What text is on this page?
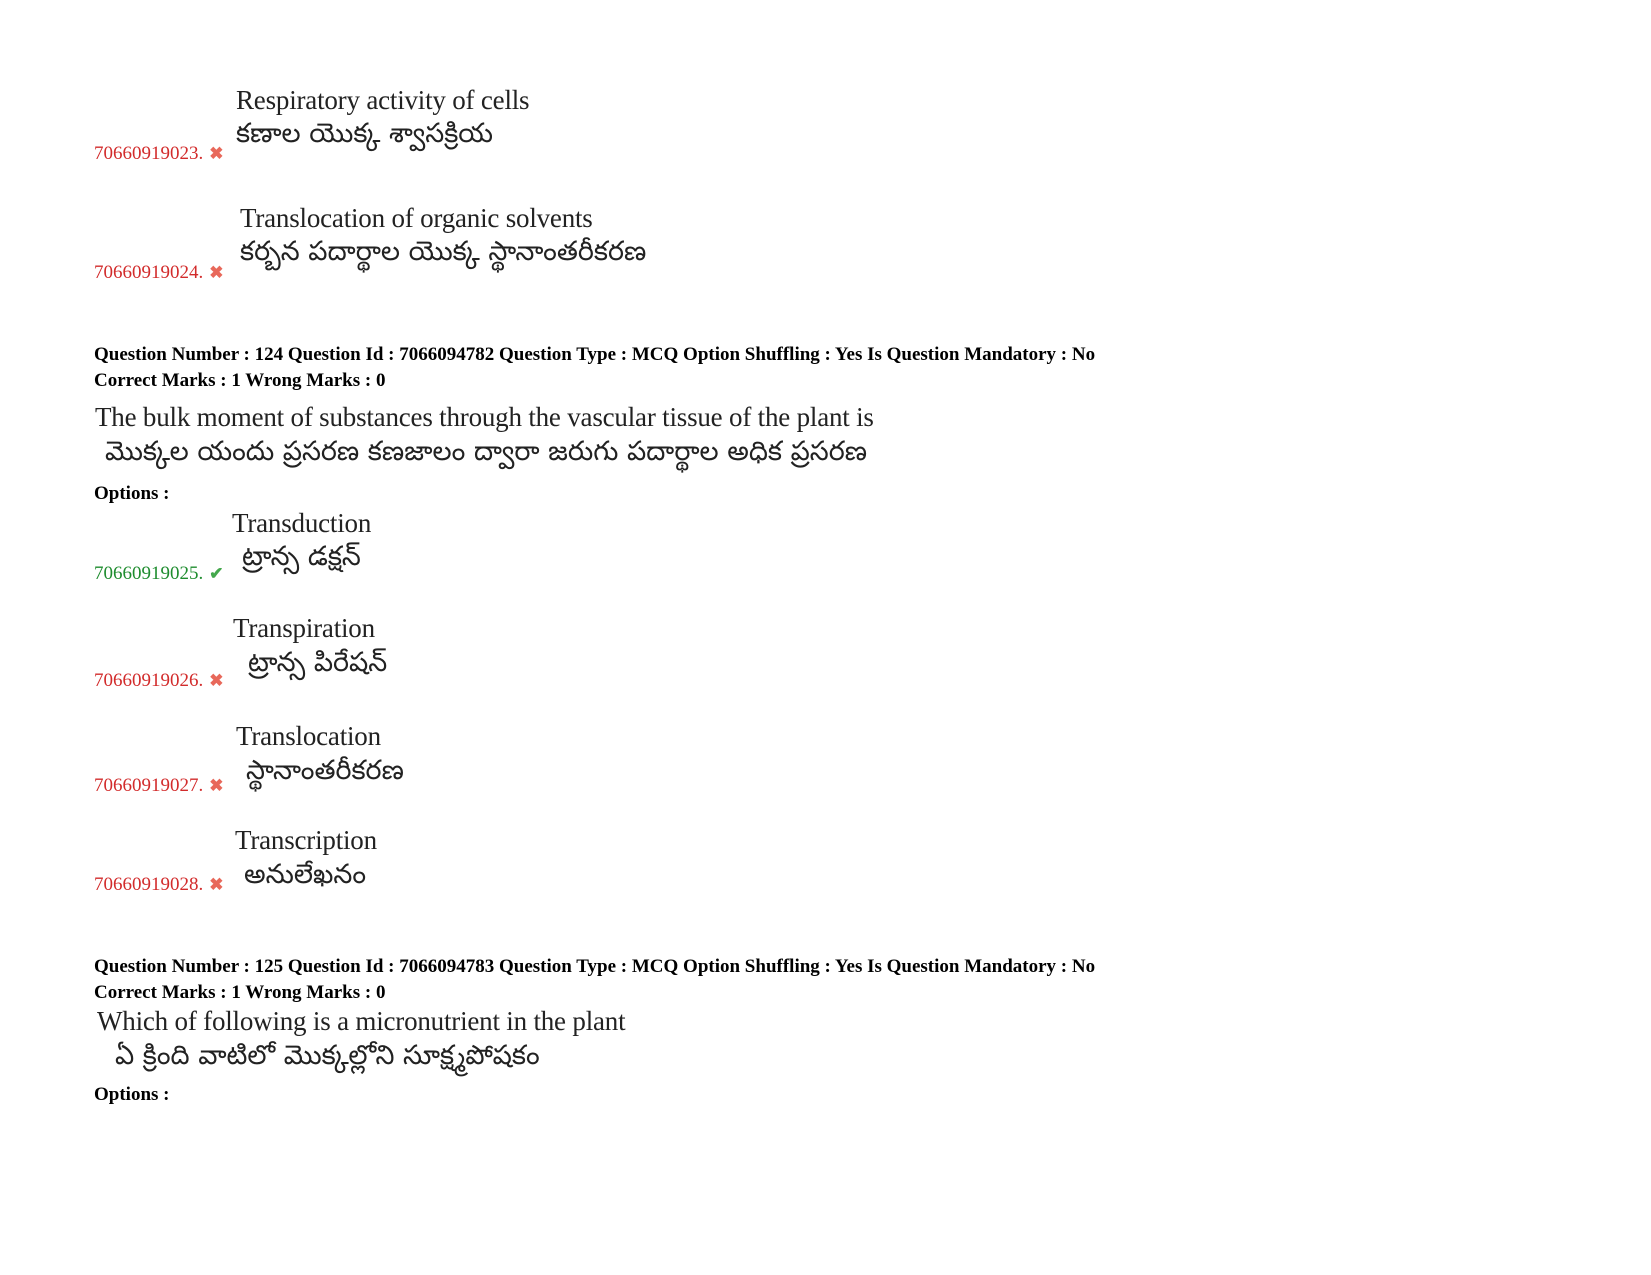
Respiratory activity of cells
కణాల యొక్క శ్వాసక్రియ
70660919023. ✖
Translocation of organic solvents
కర్బన పదార్థాల యొక్క స్థానాంతరీకరణ
70660919024. ✖
Question Number : 124 Question Id : 7066094782 Question Type : MCQ Option Shuffling : Yes Is Question Mandatory : No
Correct Marks : 1 Wrong Marks : 0
The bulk moment of substances through the vascular tissue of the plant is
మొక్కల యందు ప్రసరణ కణజాలం ద్వారా జరుగు పదార్థాల అధిక ప్రసరణ
Options :
Transduction
ట్రాన్స డక్షన్
70660919025. ✔
Transpiration
ట్రాన్స పిరేషన్
70660919026. ✖
Translocation
స్థానాంతరీకరణ
70660919027. ✖
Transcription
అనులేఖనం
70660919028. ✖
Question Number : 125 Question Id : 7066094783 Question Type : MCQ Option Shuffling : Yes Is Question Mandatory : No
Correct Marks : 1 Wrong Marks : 0
Which of following is a micronutrient in the plant
ఏ క్రింది వాటిలో మొక్కల్లోని సూక్ష్మపోషకం
Options :
